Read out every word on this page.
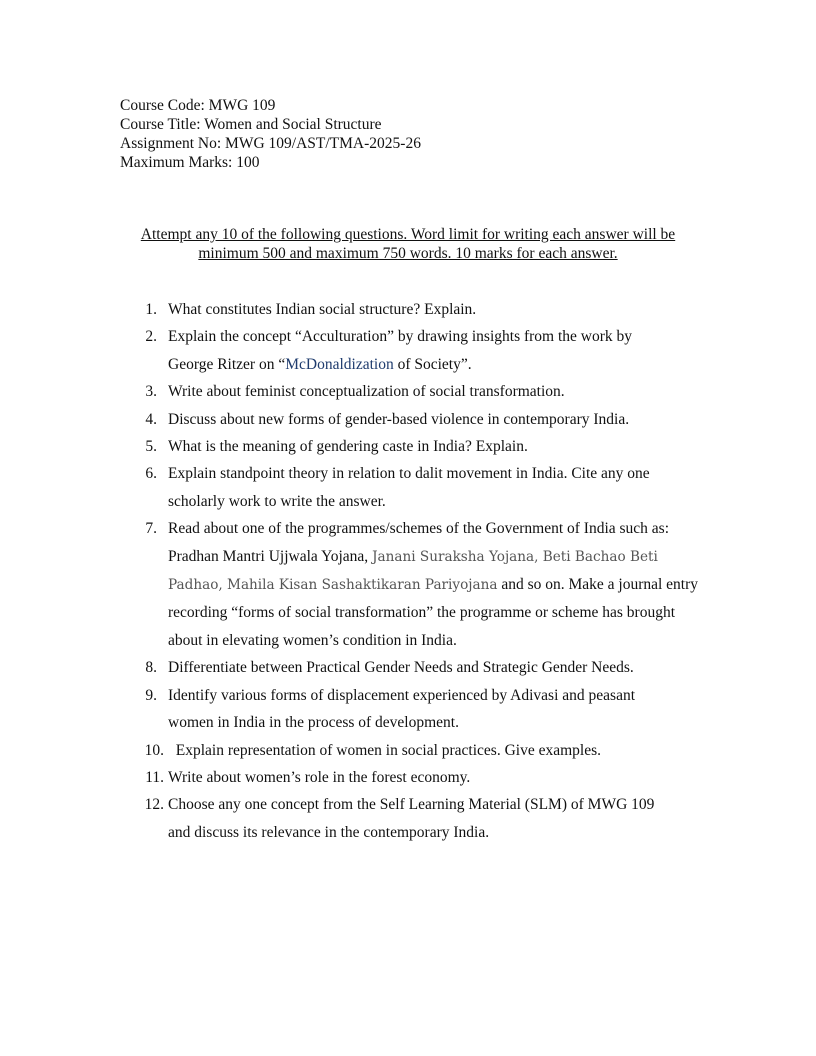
Course Code: MWG 109
Course Title: Women and Social Structure
Assignment No: MWG 109/AST/TMA-2025-26
Maximum Marks: 100
Attempt any 10 of the following questions. Word limit for writing each answer will be
minimum 500 and maximum 750 words. 10 marks for each answer.
1. What constitutes Indian social structure? Explain.
2. Explain the concept “Acculturation” by drawing insights from the work by
George Ritzer on “McDonaldization of Society”.
3. Write about feminist conceptualization of social transformation.
4. Discuss about new forms of gender-based violence in contemporary India.
5. What is the meaning of gendering caste in India? Explain.
6. Explain standpoint theory in relation to dalit movement in India. Cite any one
scholarly work to write the answer.
7. Read about one of the programmes/schemes of the Government of India such as:
Pradhan Mantri Ujjwala Yojana, Janani Suraksha Yojana, Beti Bachao Beti
Padhao, Mahila Kisan Sashaktikaran Pariyojana and so on. Make a journal entry
recording “forms of social transformation” the programme or scheme has brought
about in elevating women’s condition in India.
8. Differentiate between Practical Gender Needs and Strategic Gender Needs.
9. Identify various forms of displacement experienced by Adivasi and peasant
women in India in the process of development.
10. Explain representation of women in social practices. Give examples.
11. Write about women’s role in the forest economy.
12. Choose any one concept from the Self Learning Material (SLM) of MWG 109
and discuss its relevance in the contemporary India.
